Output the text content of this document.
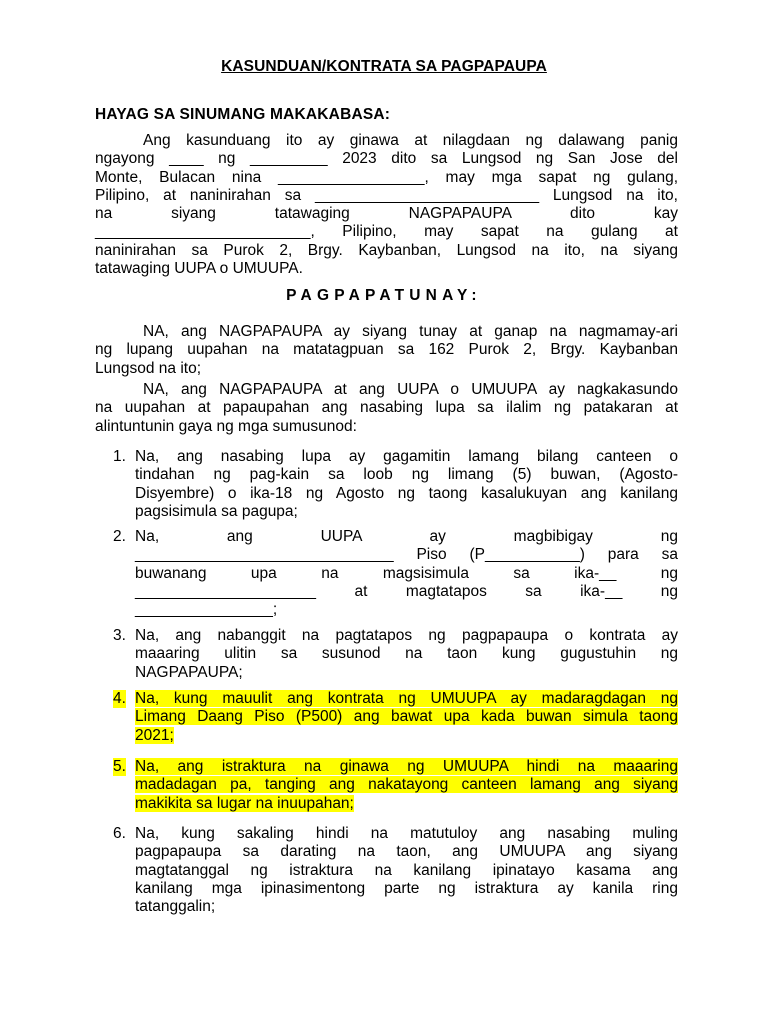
KASUNDUAN/KONTRATA SA PAGPAPAUPA
HAYAG SA SINUMANG MAKAKABASA:
Ang kasunduang ito ay ginawa at nilagdaan ng dalawang panig
ngayong ____ ng _________ 2023 dito sa Lungsod ng San Jose del
Monte, Bulacan nina _________________, may mga sapat ng gulang,
Pilipino, at naninirahan sa __________________________ Lungsod na ito,
na siyang tatawaging NAGPAPAUPA dito kay
_________________________, Pilipino, may sapat na gulang at
naninirahan sa Purok 2, Brgy. Kaybanban, Lungsod na ito, na siyang
tatawaging UUPA o UMUUPA.
PAGPAPATUNAY:
NA, ang NAGPAPAUPA ay siyang tunay at ganap na nagmamay-ari
ng lupang uupahan na matatagpuan sa 162 Purok 2, Brgy. Kaybanban
Lungsod na ito;
NA, ang NAGPAPAUPA at ang UUPA o UMUUPA ay nagkakasundo
na uupahan at papaupahan ang nasabing lupa sa ilalim ng patakaran at
alintuntunin gaya ng mga sumusunod:
1. Na, ang nasabing lupa ay gagamitin lamang bilang canteen o
tindahan ng pag-kain sa loob ng limang (5) buwan, (Agosto-
Disyembre) o ika-18 ng Agosto ng taong kasalukuyan ang kanilang
pagsisimula sa pagupa;
2. Na, ang UUPA ay magbibigay ng
______________________________ Piso (P___________) para sa
buwanang upa na magsisimula sa ika-__ ng
_____________________ at magtatapos sa ika-__ ng
________________;
3. Na, ang nabanggit na pagtatapos ng pagpapaupa o kontrata ay
maaaring ulitin sa susunod na taon kung gugustuhin ng
NAGPAPAUPA;
4. Na, kung mauulit ang kontrata ng UMUUPA ay madaragdagan ng
Limang Daang Piso (P500) ang bawat upa kada buwan simula taong
2021;
5. Na, ang istraktura na ginawa ng UMUUPA hindi na maaaring
madadagan pa, tanging ang nakatayong canteen lamang ang siyang
makikita sa lugar na inuupahan;
6. Na, kung sakaling hindi na matutuloy ang nasabing muling
pagpapaupa sa darating na taon, ang UMUUPA ang siyang
magtatanggal ng istraktura na kanilang ipinatayo kasama ang
kanilang mga ipinasimentong parte ng istraktura ay kanila ring
tatanggalin;
